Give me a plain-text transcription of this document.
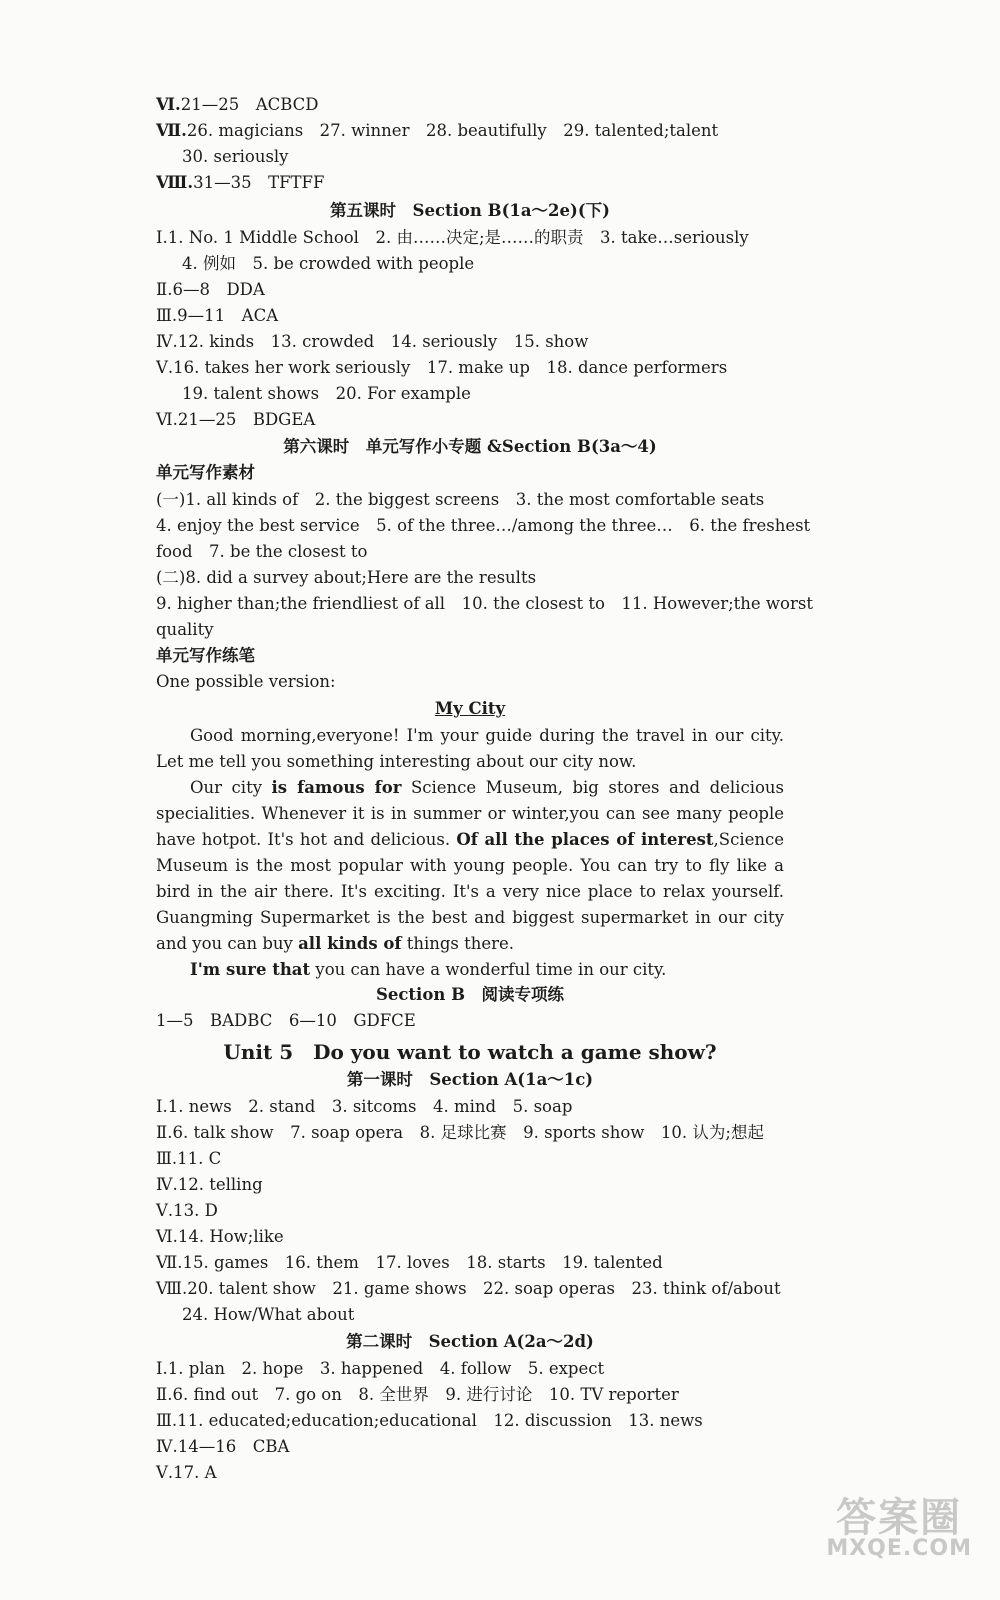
Ⅵ.21—25　ACBCD
Ⅶ.26. magicians　27. winner　28. beautifully　29. talented;talent
30. seriously
Ⅷ.31—35　TFTFF
第五课时　Section B(1a～2e)(下)
Ⅰ.1. No. 1 Middle School　2. 由……决定;是……的职责　3. take…seriously
4. 例如　5. be crowded with people
Ⅱ.6—8　DDA
Ⅲ.9—11　ACA
Ⅳ.12. kinds　13. crowded　14. seriously　15. show
Ⅴ.16. takes her work seriously　17. make up　18. dance performers
19. talent shows　20. For example
Ⅵ.21—25　BDGEA
第六课时　单元写作小专题 &Section B(3a～4)
单元写作素材
(一)1. all kinds of　2. the biggest screens　3. the most comfortable seats
4. enjoy the best service　5. of the three…/among the three…　6. the freshest
food　7. be the closest to
(二)8. did a survey about;Here are the results
9. higher than;the friendliest of all　10. the closest to　11. However;the worst
quality
单元写作练笔
One possible version:
My City

Good morning,everyone! I'm your guide during the travel in our city. Let me tell you something interesting about our city now.

Our city is famous for Science Museum, big stores and delicious specialities. Whenever it is in summer or winter,you can see many people have hotpot. It's hot and delicious. Of all the places of interest,Science Museum is the most popular with young people. You can try to fly like a bird in the air there. It's exciting. It's a very nice place to relax yourself. Guangming Supermarket is the best and biggest supermarket in our city and you can buy all kinds of things there.

I'm sure that you can have a wonderful time in our city.

Section B　阅读专项练
1—5　BADBC　6—10　GDFCE
Unit 5　Do you want to watch a game show?
第一课时　Section A(1a～1c)
Ⅰ.1. news　2. stand　3. sitcoms　4. mind　5. soap
Ⅱ.6. talk show　7. soap opera　8. 足球比赛　9. sports show　10. 认为;想起
Ⅲ.11. C
Ⅳ.12. telling
Ⅴ.13. D
Ⅵ.14. How;like
Ⅶ.15. games　16. them　17. loves　18. starts　19. talented
Ⅷ.20. talent show　21. game shows　22. soap operas　23. think of/about
24. How/What about
第二课时　Section A(2a～2d)
Ⅰ.1. plan　2. hope　3. happened　4. follow　5. expect
Ⅱ.6. find out　7. go on　8. 全世界　9. 进行讨论　10. TV reporter
Ⅲ.11. educated;education;educational　12. discussion　13. news
Ⅳ.14—16　CBA
Ⅴ.17. A
答案圈
MXQE.COM
